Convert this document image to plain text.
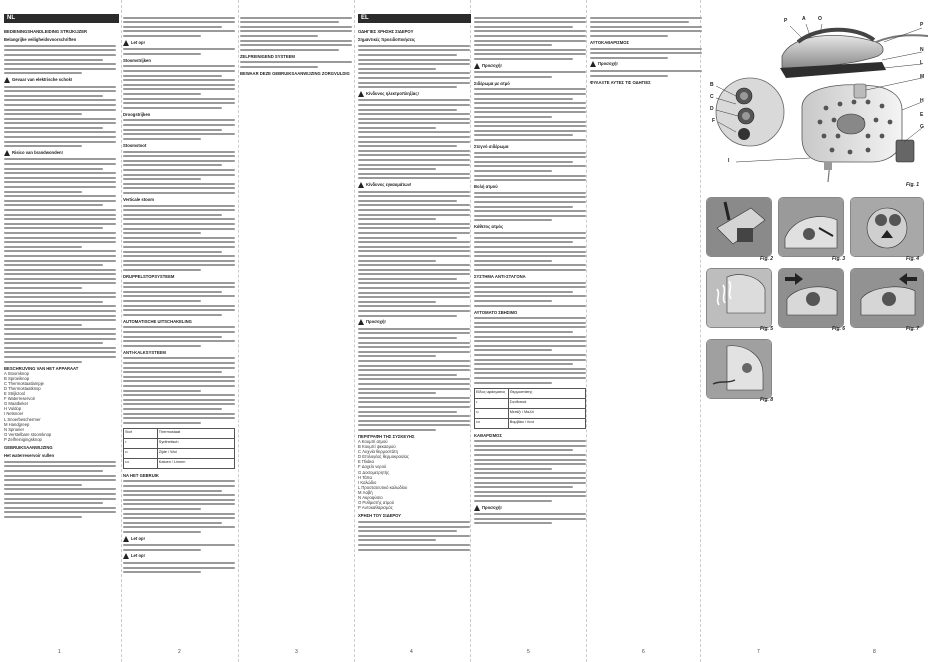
NL
BEDIENINGSHANDLEIDING STRIJKIJZER
Belangrijke veiligheidsvoorschriften
Gevaar van elektrische schok!
Risico van brandwonden!
BESCHRIJVING VAN HET APPARAAT
A Stoomknop
B Sproeiknop
C Thermostaatlampje
D Thermostaatknop
E Strijkzool
F Waterreservoir
G Maatbeker
H Vuldop
I Netsnoer
L Snoerbeschermer
M Handgreep
N Sproeier
O Verstelbare stoomknop
P Zelfreinigingsknop
GEBRUIKSAANWIJZING
Het waterreservoir vullen
Let op!
Stoomstrijken
Droogstrijken
Stoomstoot
Verticale stoom
DRUPPELSTOPSYSTEEM
AUTOMATISCHE UITSCHAKELING
ANTI-KALKSYSTEEM
Stof	Thermostaat
•	Synthetisch
••	Zijde / Wol
•••	Katoen / Linnen
NA HET GEBRUIK
Let op!
Let op!
ZELFREINIGEND SYSTEEM
BEWAAR DEZE GEBRUIKSAANWIJZING ZORGVULDIG
EL
ΟΔΗΓΙΕΣ ΧΡΗΣΗΣ ΣΙΔΕΡΟΥ
Σημαντικές προειδοποιήσεις
Κίνδυνος ηλεκτροπληξίας!
Κίνδυνος εγκαυμάτων!
Προσοχή!
ΠΕΡΙΓΡΑΦΗ ΤΗΣ ΣΥΣΚΕΥΗΣ
A Κουμπί ατμού
B Κουμπί ψεκασμού
C Λυχνία θερμοστάτη
D Επιλογέας θερμοκρασίας
E Πλάκα
F Δοχείο νερού
G Δοσομετρητής
H Τάπα
I Καλώδιο
L Προστατευτικό καλωδίου
M Λαβή
N Ακροφύσιο
O Ρυθμιστής ατμού
P Αυτοκαθαρισμός
ΧΡΗΣΗ ΤΟΥ ΣΙΔΕΡΟΥ
Προσοχή!
Σιδέρωμα με ατμό
Στεγνό σιδέρωμα
Βολή ατμού
Κάθετος ατμός
ΣΥΣΤΗΜΑ ΑΝΤΙ-ΣΤΑΓΟΝΑ
ΑΥΤΟΜΑΤΟ ΣΒΗΣΙΜΟ
Είδος υφάσματος	Θερμοστάτης
•	Συνθετικά
••	Μετάξι / Μαλλί
•••	Βαμβάκι / Λινό
ΚΑΘΑΡΙΣΜΟΣ
Προσοχή!
ΑΥΤΟΚΑΘΑΡΙΣΜΟΣ
Προσοχή!
ΦΥΛΑΞΤΕ ΑΥΤΕΣ ΤΙΣ ΟΔΗΓΙΕΣ
1	2	3	4	5	6	7	8
P	A O
P
N
L
B
C
D
M
H
G
E
F
I
Fig. 1
Fig. 2	Fig. 3	Fig. 4
Fig. 5	Fig. 6	Fig. 7
Fig. 8
